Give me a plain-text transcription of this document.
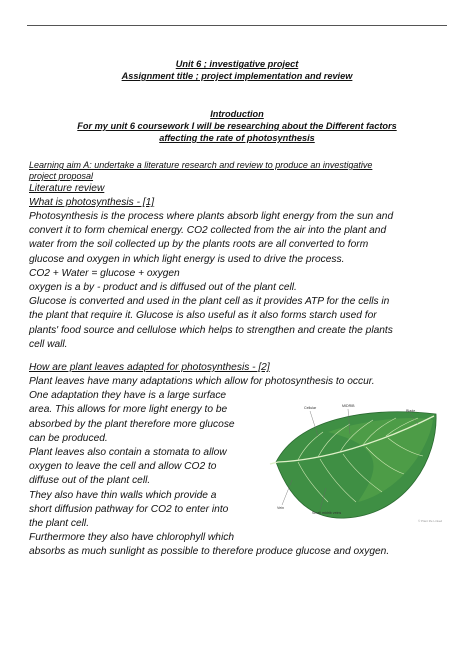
Unit 6 ; investigative project
Assignment title ; project implementation and review
Introduction
For my unit 6 coursework I will be researching about the Different factors
affecting the rate of photosynthesis
Learning aim A: undertake a literature research and review to produce an investigative
project proposal
Literature review
What is photosynthesis - [1]

Photosynthesis is the process where plants absorb light energy from the sun and

convert it to form chemical energy. CO2 collected from the air into the plant and

water from the soil collected up by the plants roots are all converted to form

glucose and oxygen in which light energy is used to drive the process.

CO2 + Water = glucose + oxygen

oxygen is a by - product and is diffused out of the plant cell.

Glucose is converted and used in the plant cell as it provides ATP for the cells in

the plant that require it. Glucose is also useful as it also forms starch used for

plants' food source and cellulose which helps to strengthen and create the plants

cell wall.

How are plant leaves adapted for photosynthesis - [2]

Plant leaves have many adaptations which allow for photosynthesis to occur.

One adaptation they have is a large surface

area. This allows for more light energy to be

absorbed by the plant therefore more glucose

can be produced.

Plant leaves also contain a stomata to allow

oxygen to leave the cell and allow CO2 to

diffuse out of the plant cell.

They also have thin walls which provide a

short diffusion pathway for CO2 to enter into

the plant cell.

Furthermore they also have chlorophyll which

absorbs as much sunlight as possible to therefore produce glucose and oxygen.

Cellular	MIDRIB
Blade
Vein
Small midrib veins
© Plant life Linked
